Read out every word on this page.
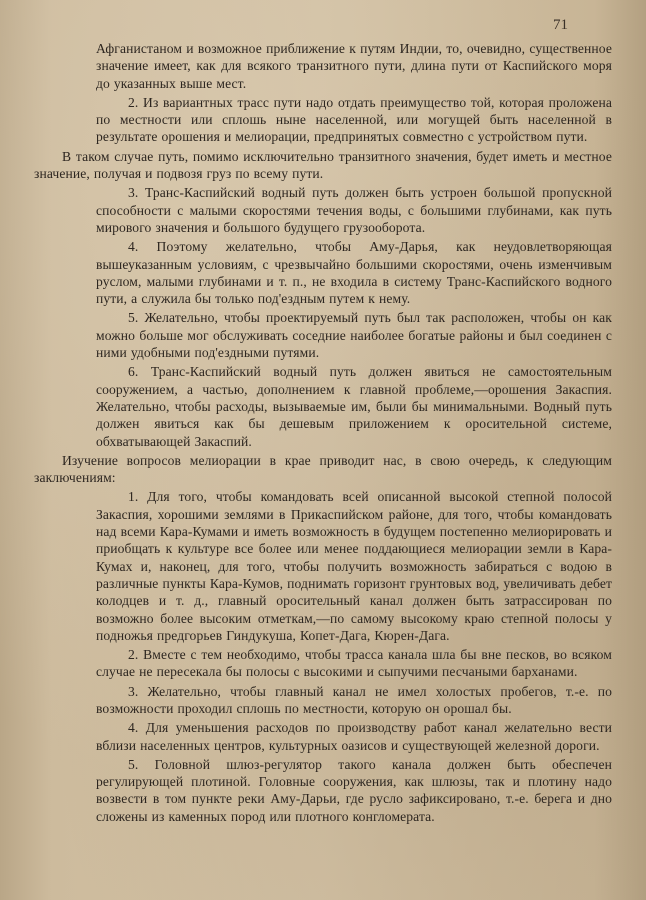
71

Афганистаном и возможное приближение к путям Индии, то, очевидно, существенное значение имеет, как для всякого транзитного пути, длина пути от Каспийского моря до указанных выше мест.

2. Из вариантных трасс пути надо отдать преимущество той, которая проложена по местности или сплошь ныне населенной, или могущей быть населенной в результате орошения и мелиорации, предпринятых совместно с устройством пути.

В таком случае путь, помимо исключительно транзитного значения, будет иметь и местное значение, получая и подвозя груз по всему пути.

3. Транс-Каспийский водный путь должен быть устроен большой пропускной способности с малыми скоростями течения воды, с большими глубинами, как путь мирового значения и большого будущего грузооборота.

4. Поэтому желательно, чтобы Аму-Дарья, как неудовлетворяющая вышеуказанным условиям, с чрезвычайно большими скоростями, очень изменчивым руслом, малыми глубинами и т. п., не входила в систему Транс-Каспийского водного пути, а служила бы только под'ездным путем к нему.

5. Желательно, чтобы проектируемый путь был так расположен, чтобы он как можно больше мог обслуживать соседние наиболее богатые районы и был соединен с ними удобными под'ездными путями.

6. Транс-Каспийский водный путь должен явиться не самостоятельным сооружением, а частью, дополнением к главной проблеме,—орошения Закаспия. Желательно, чтобы расходы, вызываемые им, были бы минимальными. Водный путь должен явиться как бы дешевым приложением к оросительной системе, обхватывающей Закаспий.

Изучение вопросов мелиорации в крае приводит нас, в свою очередь, к следующим заключениям:

1. Для того, чтобы командовать всей описанной высокой степной полосой Закаспия, хорошими землями в Прикаспийском районе, для того, чтобы командовать над всеми Кара-Кумами и иметь возможность в будущем постепенно мелиорировать и приобщать к культуре все более или менее поддающиеся мелиорации земли в Кара-Кумах и, наконец, для того, чтобы получить возможность забираться с водою в различные пункты Кара-Кумов, поднимать горизонт грунтовых вод, увеличивать дебет колодцев и т. д., главный оросительный канал должен быть затрассирован по возможно более высоким отметкам,—по самому высокому краю степной полосы у подножья предгорьев Гиндукуша, Копет-Дага, Кюрен-Дага.

2. Вместе с тем необходимо, чтобы трасса канала шла бы вне песков, во всяком случае не пересекала бы полосы с высокими и сыпучими песчаными барханами.

3. Желательно, чтобы главный канал не имел холостых пробегов, т.-е. по возможности проходил сплошь по местности, которую он орошал бы.

4. Для уменьшения расходов по производству работ канал желательно вести вблизи населенных центров, культурных оазисов и существующей железной дороги.

5. Головной шлюз-регулятор такого канала должен быть обеспечен регулирующей плотиной. Головные сооружения, как шлюзы, так и плотину надо возвести в том пункте реки Аму-Дарьи, где русло зафиксировано, т.-е. берега и дно сложены из каменных пород или плотного конгломерата.
